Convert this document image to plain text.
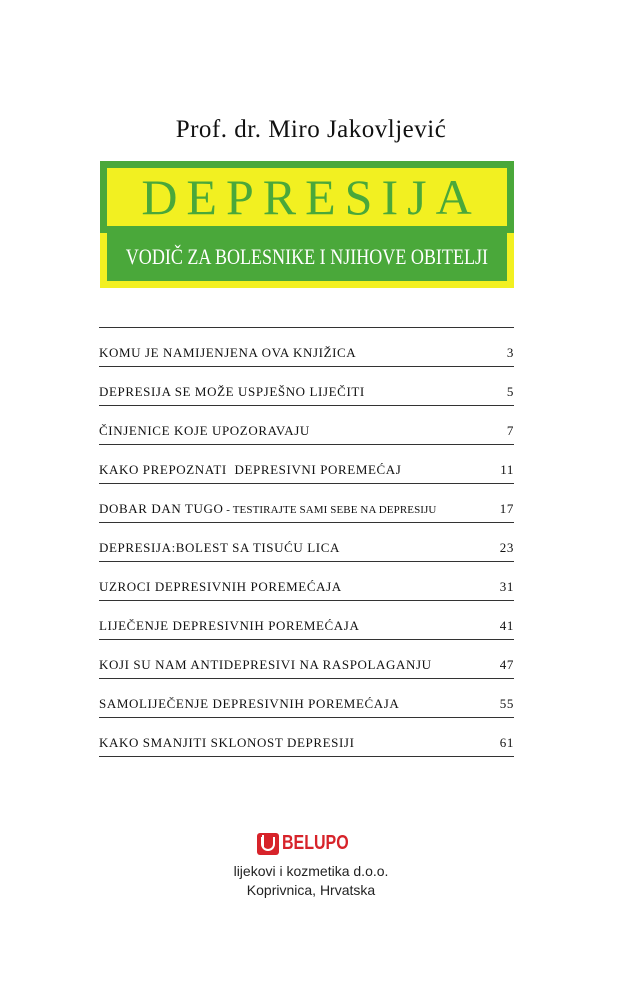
Prof. dr. Miro Jakovljević
DEPRESIJA
VODIČ ZA BOLESNIKE I NJIHOVE OBITELJI
KOMU JE NAMIJENJENA OVA KNJIŽICA	3
DEPRESIJA SE MOŽE USPJEŠNO LIJEČITI	5
ČINJENICE KOJE UPOZORAVAJU	7
KAKO PREPOZNATI  DEPRESIVNI POREMEĆAJ	11
DOBAR DAN TUGO - TESTIRAJTE SAMI SEBE NA DEPRESIJU	17
DEPRESIJA:BOLEST SA TISUĆU LICA	23
UZROCI DEPRESIVNIH POREMEĆAJA	31
LIJEČENJE DEPRESIVNIH POREMEĆAJA	41
KOJI SU NAM ANTIDEPRESIVI NA RASPOLAGANJU	47
SAMOLIJEČENJE DEPRESIVNIH POREMEĆAJA	55
KAKO SMANJITI SKLONOST DEPRESIJI	61
BELUPO
lijekovi i kozmetika d.o.o.
Koprivnica, Hrvatska
